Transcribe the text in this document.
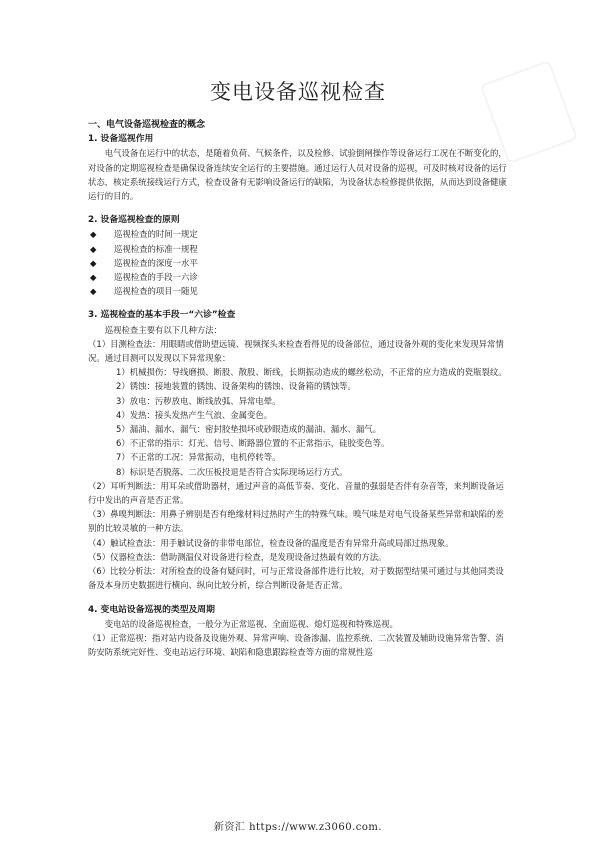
变电设备巡视检查

一、电气设备巡视检查的概念

1. 设备巡视作用

电气设备在运行中的状态，是随着负荷、气候条件，以及检修、试验倒闸操作等设备运行工况在不断变化的，对设备的定期巡视检查是确保设备连续安全运行的主要措施。通过运行人员对设备的巡视，可及时核对设备的运行状态，核定系统接线运行方式，检查设备有无影响设备运行的缺陷，为设备状态检修提供依据，从而达到设备健康运行的目的。

2. 设备巡视检查的原则

◆	巡视检查的时间一规定
◆	巡视检查的标准一规程
◆	巡视检查的深度一水平
◆	巡视检查的手段一六诊
◆	巡视检查的项目一随见

3. 巡视检查的基本手段一“六诊”检查

巡视检查主要有以下几种方法：

（1）目测检查法：用眼睛或借助望远镜、视频探头来检查看得见的设备部位，通过设备外观的变化来发现异常情况。通过目测可以发现以下异常现象：

1）机械损伤：导线磨损、断股、散股、断线，长期振动造成的螺丝松动，不正常的应力造成的瓷瓶裂纹。

2）锈蚀：接地装置的锈蚀、设备架构的锈蚀、设备箱的锈蚀等。

3）放电：污秽放电、断线放弧、异常电晕。

4）发热：接头发热产生气浪、金属变色。

5）漏油、漏水、漏气：密封胶垫损坏或砂眼造成的漏油、漏水、漏气。

6）不正常的指示：灯光、信号、断路器位置的不正常指示，硅胶变色等。

7）不正常的工况：异常振动，电机停转等。

8）标识是否脱落、二次压板投退是否符合实际现场运行方式。

（2）耳听判断法：用耳朵或借助器材，通过声音的高低节奏、变化、音量的强弱是否伴有杂音等，来判断设备运行中发出的声音是否正常。

（3）鼻嗅判断法：用鼻子辨别是否有绝缘材料过热时产生的特殊气味。嗅气味是对电气设备某些异常和缺陷的差别的比较灵敏的一种方法。

（4）触试检查法：用手触试设备的非带电部位，检查设备的温度是否有异常升高或局部过热现象。

（5）仪器检查法：借助测温仪对设备进行检查，是发现设备过热最有效的方法。

（6）比较分析法：对所检查的设备有疑问时，可与正常设备部件进行比较，对于数据型结果可通过与其他同类设备及本身历史数据进行横向、纵向比较分析，综合判断设备是否正常。

4. 变电站设备巡视的类型及周期

变电站的设备巡视检查，一般分为正常巡视、全面巡视、熄灯巡视和特殊巡视。

（1）正常巡视：指对站内设备及设施外观、异常声响、设备渗漏、监控系统、二次装置及辅助设施异常告警、消防安防系统完好性、变电站运行环境、缺陷和隐患跟踪检查等方面的常规性巡

新资汇 https://www.z3060.com.
